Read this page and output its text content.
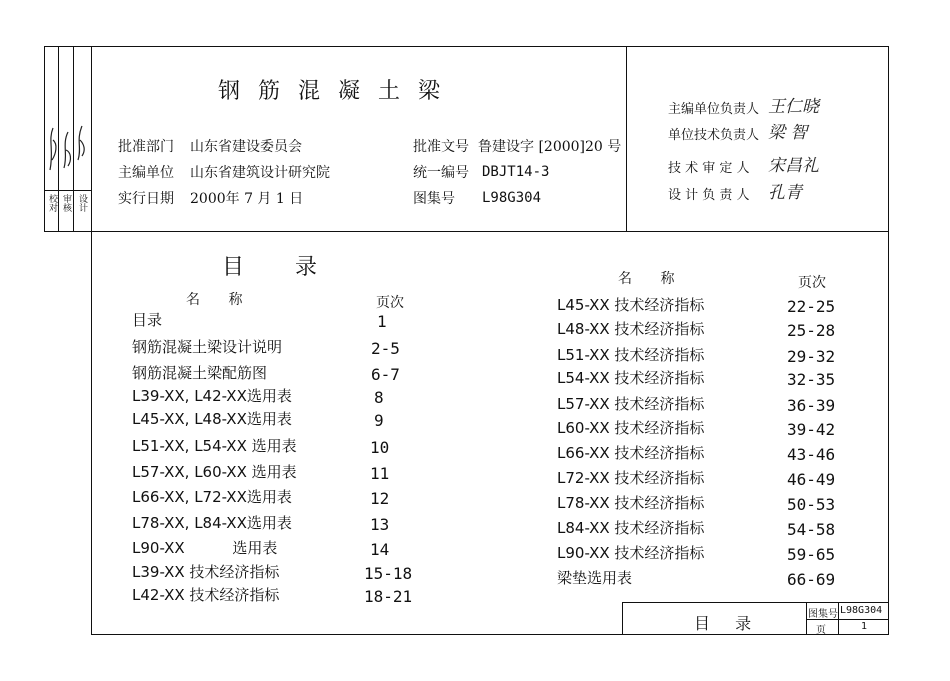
校对 审核 设计
钢筋混凝土梁
批准部门 山东省建设委员会
主编单位 山东省建筑设计研究院
实行日期 2000年 7 月 1 日
批准文号 鲁建设字 [2000]20 号
统一编号 DBJT14-3
图集号 L98G304
主编单位负责人 王仁晓
单位技术负责人 梁 智
技 术 审 定 人 宋昌礼
设 计 负 责 人 孔青
目 录
名 称	页次
名 称	页次
目录	1
钢筋混凝土梁设计说明	2-5
钢筋混凝土梁配筋图	6-7
L39-XX, L42-XX选用表	8
L45-XX, L48-XX选用表	9
L51-XX, L54-XX 选用表	10
L57-XX, L60-XX 选用表	11
L66-XX, L72-XX选用表	12
L78-XX, L84-XX选用表	13
L90-XX          选用表	14
L39-XX 技术经济指标	15-18
L42-XX 技术经济指标	18-21
L45-XX 技术经济指标	22-25
L48-XX 技术经济指标	25-28
L51-XX 技术经济指标	29-32
L54-XX 技术经济指标	32-35
L57-XX 技术经济指标	36-39
L60-XX 技术经济指标	39-42
L66-XX 技术经济指标	43-46
L72-XX 技术经济指标	46-49
L78-XX 技术经济指标	50-53
L84-XX 技术经济指标	54-58
L90-XX 技术经济指标	59-65
梁垫选用表	66-69
目 录	图集号 L98G304
页	1
